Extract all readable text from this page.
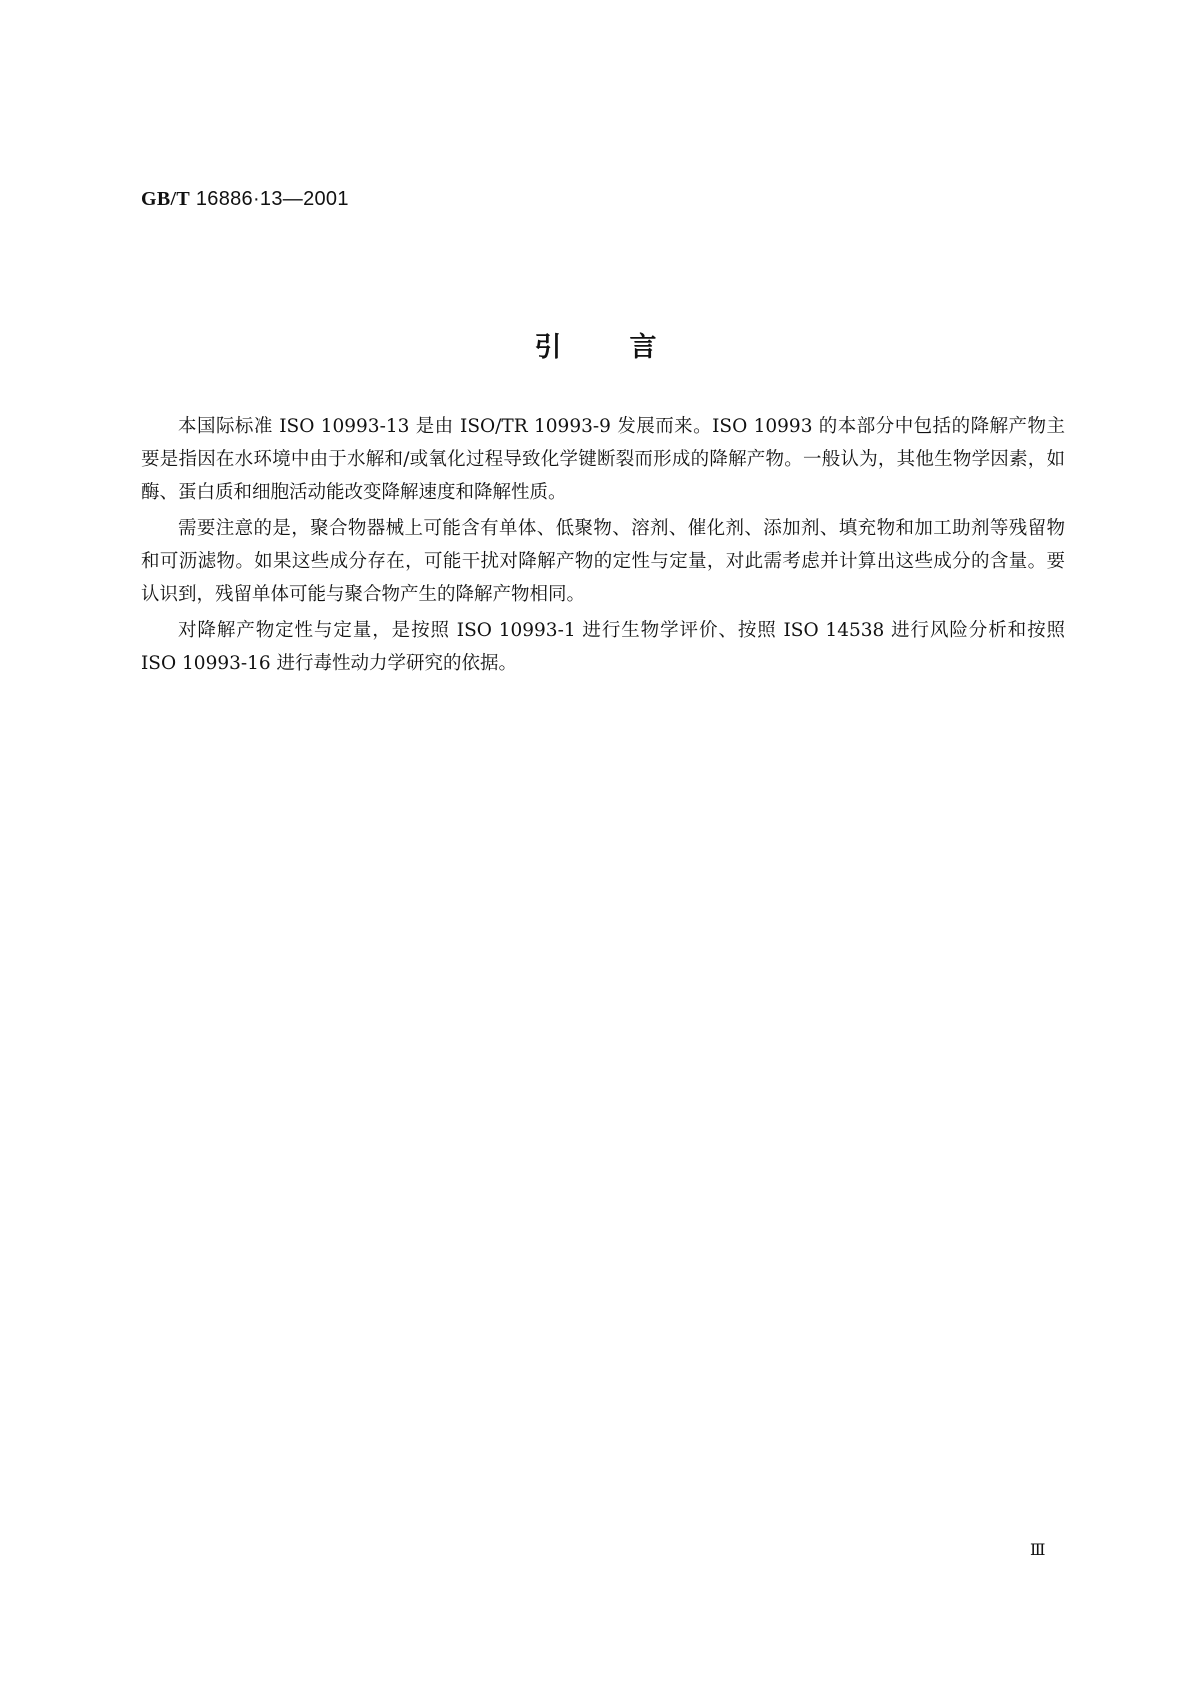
GB/T 16886·13—2001
引言

本国际标准 ISO 10993-13 是由 ISO/TR 10993-9 发展而来。ISO 10993 的本部分中包括的降解产物主要是指因在水环境中由于水解和/或氧化过程导致化学键断裂而形成的降解产物。一般认为，其他生物学因素，如酶、蛋白质和细胞活动能改变降解速度和降解性质。

需要注意的是，聚合物器械上可能含有单体、低聚物、溶剂、催化剂、添加剂、填充物和加工助剂等残留物和可沥滤物。如果这些成分存在，可能干扰对降解产物的定性与定量，对此需考虑并计算出这些成分的含量。要认识到，残留单体可能与聚合物产生的降解产物相同。

对降解产物定性与定量，是按照 ISO 10993-1 进行生物学评价、按照 ISO 14538 进行风险分析和按照 ISO 10993-16 进行毒性动力学研究的依据。

Ⅲ
